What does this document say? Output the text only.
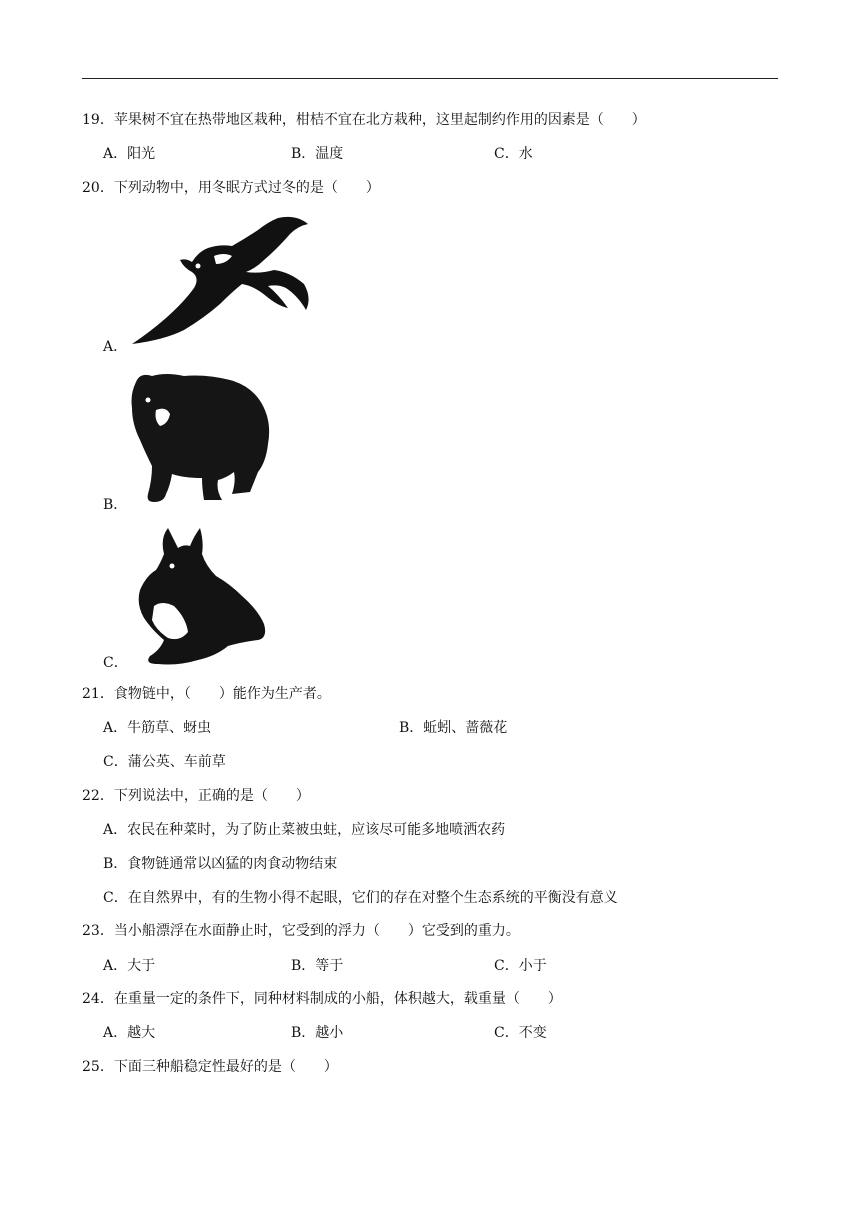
19．苹果树不宜在热带地区栽种，柑桔不宜在北方栽种，这里起制约作用的因素是（　　）
A．阳光	B．温度	C．水
20．下列动物中，用冬眠方式过冬的是（　　）
A．
B．
C．
21．食物链中，（　　）能作为生产者。
A．牛筋草、蚜虫	B．蚯蚓、蔷薇花
C．蒲公英、车前草
22．下列说法中，正确的是（　　）
A．农民在种菜时，为了防止菜被虫蛀，应该尽可能多地喷洒农药
B．食物链通常以凶猛的肉食动物结束
C．在自然界中，有的生物小得不起眼，它们的存在对整个生态系统的平衡没有意义
23．当小船漂浮在水面静止时，它受到的浮力（　　）它受到的重力。
A．大于	B．等于	C．小于
24．在重量一定的条件下，同种材料制成的小船，体积越大，载重量（　　）
A．越大	B．越小	C．不变
25．下面三种船稳定性最好的是（　　）
